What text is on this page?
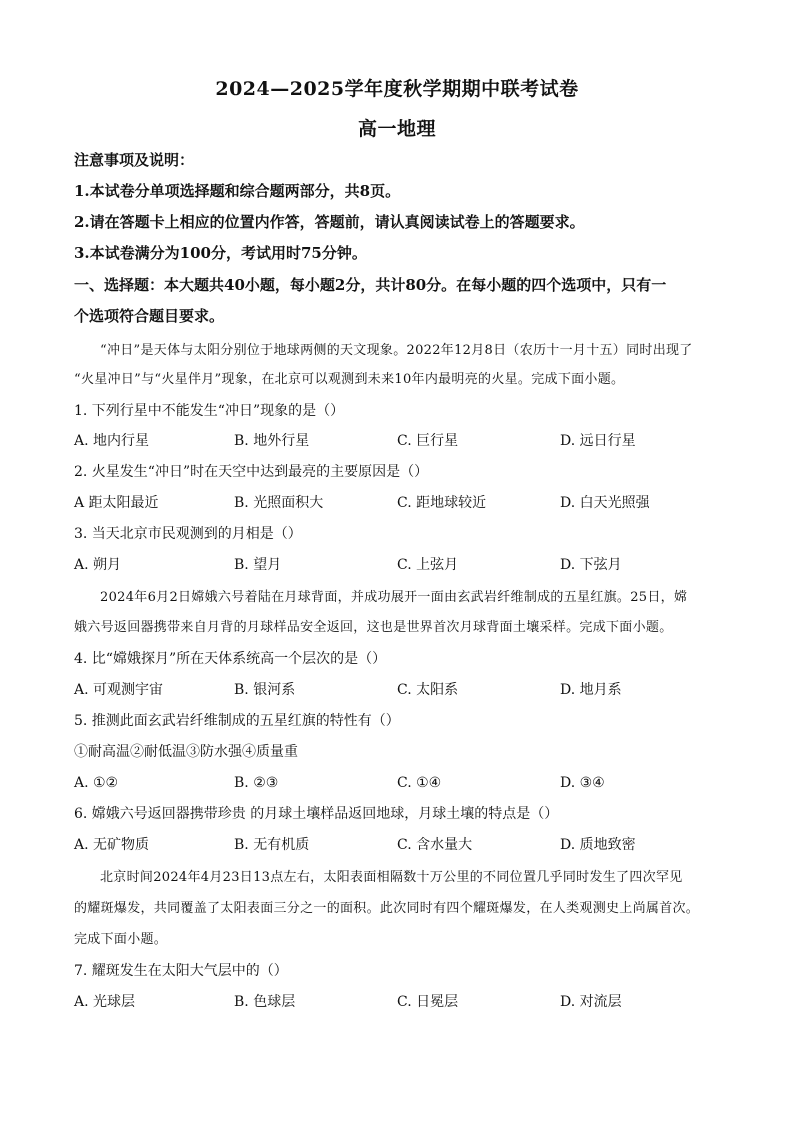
2024—2025学年度秋学期期中联考试卷
高一地理
注意事项及说明：
1.本试卷分单项选择题和综合题两部分，共8页。
2.请在答题卡上相应的位置内作答，答题前，请认真阅读试卷上的答题要求。
3.本试卷满分为100分，考试用时75分钟。
一、选择题：本大题共40小题，每小题2分，共计80分。在每小题的四个选项中，只有一
个选项符合题目要求。
“冲日”是天体与太阳分别位于地球两侧的天文现象。2022年12月8日（农历十一月十五）同时出现了
“火星冲日”与“火星伴月”现象，在北京可以观测到未来10年内最明亮的火星。完成下面小题。
1. 下列行星中不能发生“冲日”现象的是（）
A. 地内行星	B. 地外行星	C. 巨行星	D. 远日行星
2. 火星发生“冲日”时在天空中达到最亮的主要原因是（）
A 距太阳最近	B. 光照面积大	C. 距地球较近	D. 白天光照强
3. 当天北京市民观测到的月相是（）
A. 朔月	B. 望月	C. 上弦月	D. 下弦月
2024年6月2日嫦娥六号着陆在月球背面，并成功展开一面由玄武岩纤维制成的五星红旗。25日，嫦
娥六号返回器携带来自月背的月球样品安全返回，这也是世界首次月球背面土壤采样。完成下面小题。
4. 比“嫦娥探月”所在天体系统高一个层次的是（）
A. 可观测宇宙	B. 银河系	C. 太阳系	D. 地月系
5. 推测此面玄武岩纤维制成的五星红旗的特性有（）
①耐高温②耐低温③防水强④质量重
A. ①②	B. ②③	C. ①④	D. ③④
6. 嫦娥六号返回器携带珍贵 的月球土壤样品返回地球，月球土壤的特点是（）
A. 无矿物质	B. 无有机质	C. 含水量大	D. 质地致密
北京时间2024年4月23日13点左右，太阳表面相隔数十万公里的不同位置几乎同时发生了四次罕见
的耀斑爆发，共同覆盖了太阳表面三分之一的面积。此次同时有四个耀斑爆发，在人类观测史上尚属首次。
完成下面小题。
7. 耀斑发生在太阳大气层中的（）
A. 光球层	B. 色球层	C. 日冕层	D. 对流层
